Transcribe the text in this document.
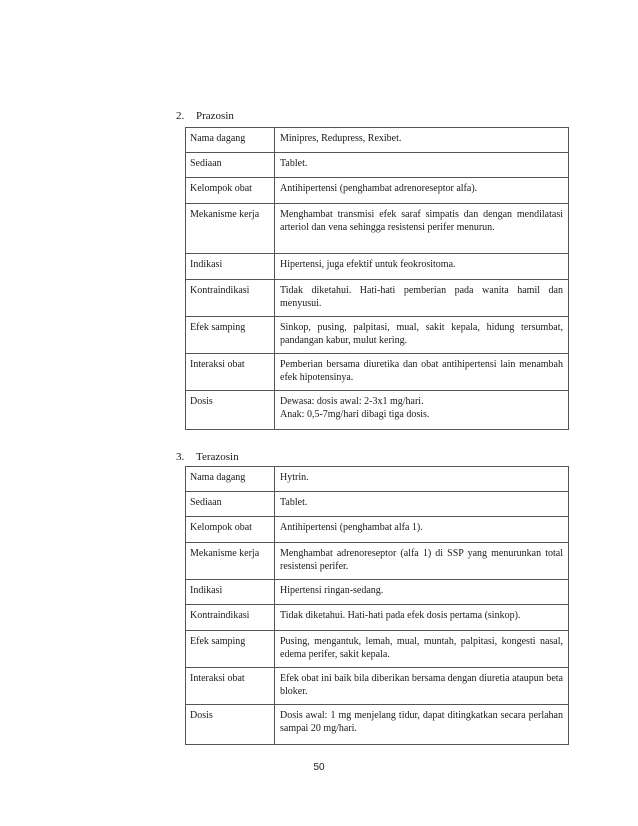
2. Prazosin
Nama dagang	Minipres, Redupress, Rexibet.
Sediaan	Tablet.
Kelompok obat	Antihipertensi (penghambat adrenoreseptor alfa).
Mekanisme kerja	Menghambat transmisi efek saraf simpatis dan dengan mendilatasi arteriol dan vena sehingga resistensi perifer menurun.
Indikasi	Hipertensi, juga efektif untuk feokrositoma.
Kontraindikasi	Tidak diketahui. Hati-hati pemberian pada wanita hamil dan menyusui.
Efek samping	Sinkop, pusing, palpitasi, mual, sakit kepala, hidung tersumbat, pandangan kabur, mulut kering.
Interaksi obat	Pemberian bersama diuretika dan obat antihipertensi lain menambah efek hipotensinya.
Dosis	Dewasa: dosis awal: 2-3x1 mg/hari.
Anak: 0,5-7mg/hari dibagi tiga dosis.
3. Terazosin
Nama dagang	Hytrin.
Sediaan	Tablet.
Kelompok obat	Antihipertensi (penghambat alfa 1).
Mekanisme kerja	Menghambat adrenoreseptor (alfa 1) di SSP yang menurunkan total resistensi perifer.
Indikasi	Hipertensi ringan-sedang.
Kontraindikasi	Tidak diketahui. Hati-hati pada efek dosis pertama (sinkop).
Efek samping	Pusing, mengantuk, lemah, mual, muntah, palpitasi, kongesti nasal, edema perifer, sakit kepala.
Interaksi obat	Efek obat ini baik bila diberikan bersama dengan diuretia ataupun beta bloker.
Dosis	Dosis awal: 1 mg menjelang tidur, dapat ditingkatkan secara perlahan sampai 20 mg/hari.
50
